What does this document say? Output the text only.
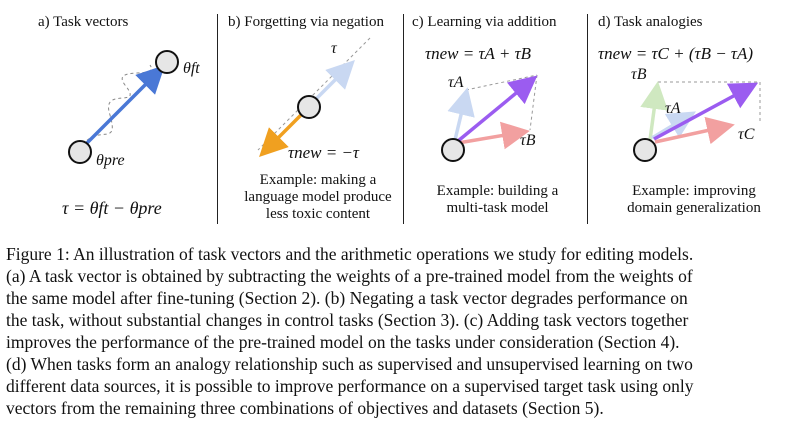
a) Task vectors	b) Forgetting via negation c) Learning via addition	d) Task analogies
θft
θpre
τ
τA
τB
τB
τA
τC
τ = θft − θpre
τnew = −τ
τnew = τA + τB	τnew = τC + (τB − τA)
Example: making a
language model produce
less toxic content
Example: building a
multi-task model
Example: improving
domain generalization
Figure 1: An illustration of task vectors and the arithmetic operations we study for editing models.
(a) A task vector is obtained by subtracting the weights of a pre-trained model from the weights of
the same model after fine-tuning (Section 2). (b) Negating a task vector degrades performance on
the task, without substantial changes in control tasks (Section 3). (c) Adding task vectors together
improves the performance of the pre-trained model on the tasks under consideration (Section 4).
(d) When tasks form an analogy relationship such as supervised and unsupervised learning on two
different data sources, it is possible to improve performance on a supervised target task using only
vectors from the remaining three combinations of objectives and datasets (Section 5).
